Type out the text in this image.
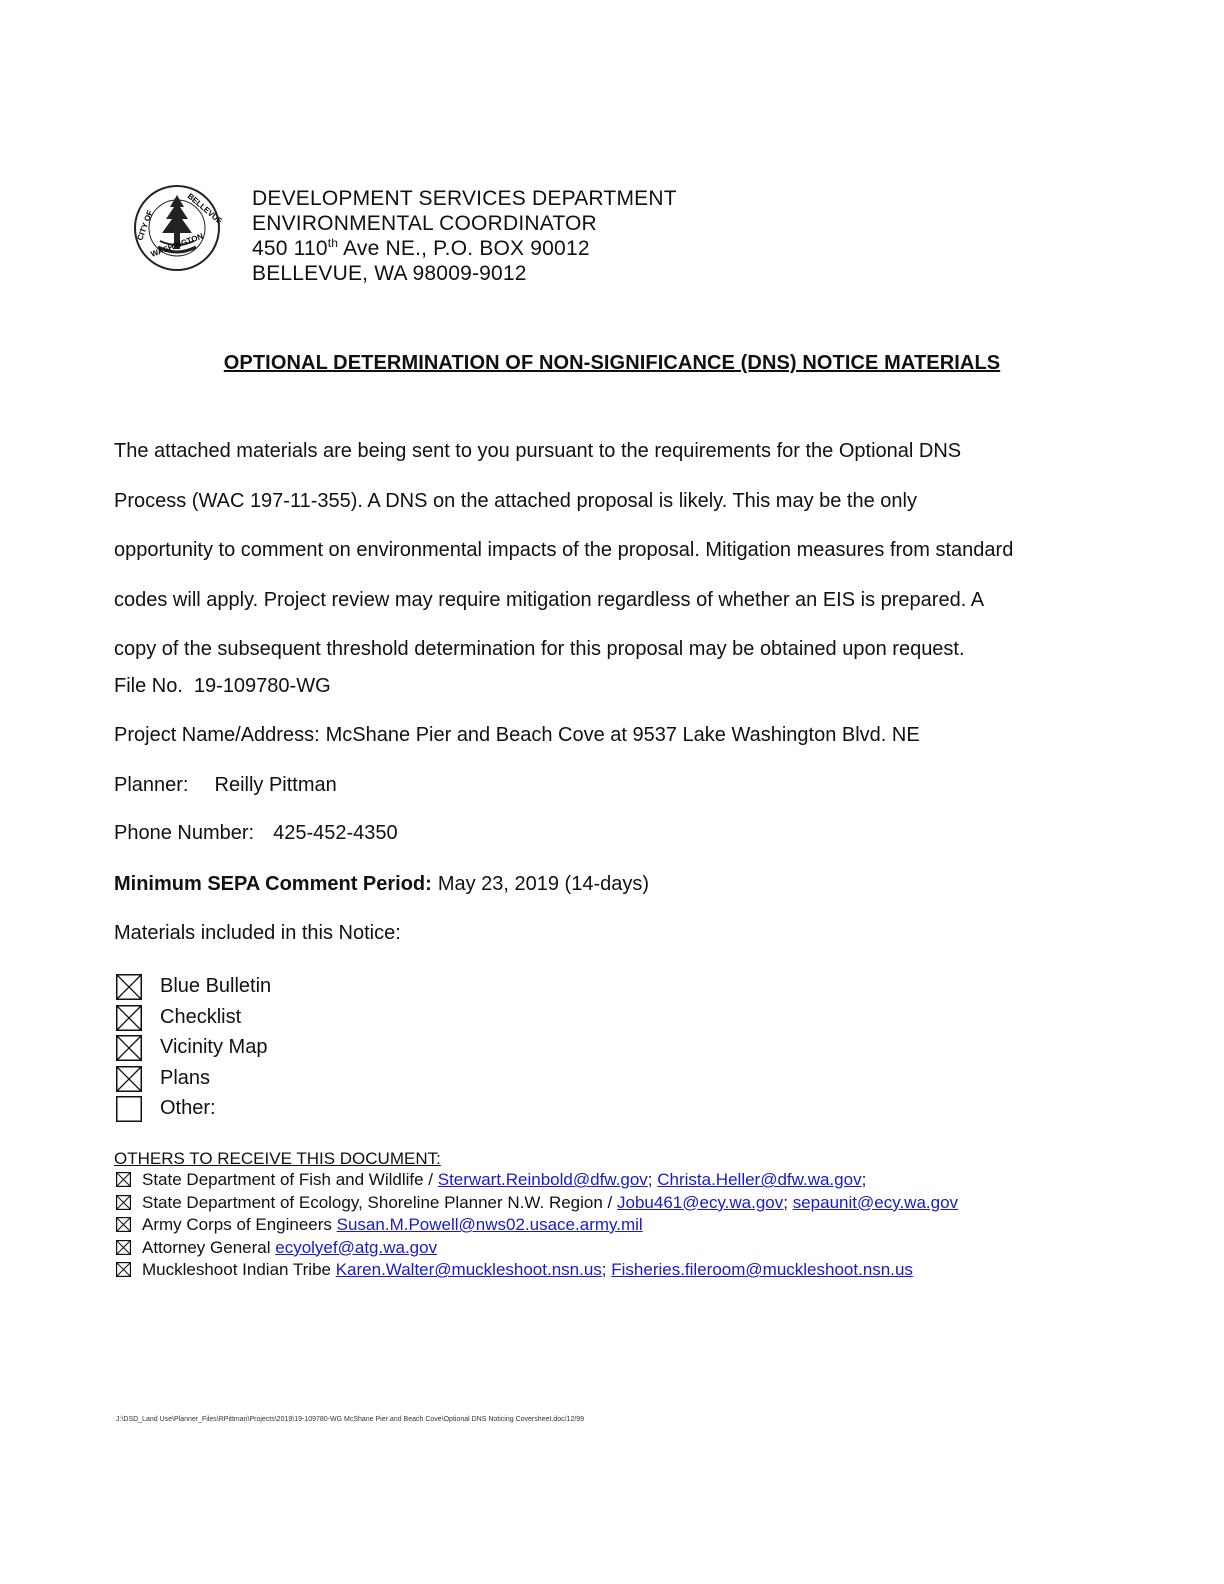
CITY OF	BELLEVUE
WASHINGTON
DEVELOPMENT SERVICES DEPARTMENT
ENVIRONMENTAL COORDINATOR
450 110th Ave NE., P.O. BOX 90012
BELLEVUE, WA 98009-9012
OPTIONAL DETERMINATION OF NON-SIGNIFICANCE (DNS) NOTICE MATERIALS
The attached materials are being sent to you pursuant to the requirements for the Optional DNS
Process (WAC 197-11-355). A DNS on the attached proposal is likely. This may be the only
opportunity to comment on environmental impacts of the proposal. Mitigation measures from standard
codes will apply. Project review may require mitigation regardless of whether an EIS is prepared. A
copy of the subsequent threshold determination for this proposal may be obtained upon request.
File No. 19-109780-WG
Project Name/Address: McShane Pier and Beach Cove at 9537 Lake Washington Blvd. NE
Planner: Reilly Pittman
Phone Number: 425-452-4350
Minimum SEPA Comment Period: May 23, 2019 (14-days)
Materials included in this Notice:
Blue Bulletin
Checklist
Vicinity Map
Plans
Other:
OTHERS TO RECEIVE THIS DOCUMENT:
State Department of Fish and Wildlife / Sterwart.Reinbold@dfw.gov; Christa.Heller@dfw.wa.gov;
State Department of Ecology, Shoreline Planner N.W. Region / Jobu461@ecy.wa.gov; sepaunit@ecy.wa.gov
Army Corps of Engineers Susan.M.Powell@nws02.usace.army.mil
Attorney General ecyolyef@atg.wa.gov
Muckleshoot Indian Tribe Karen.Walter@muckleshoot.nsn.us; Fisheries.fileroom@muckleshoot.nsn.us
J:\DSD_Land Use\Planner_Files\RPittman\Projects\2019\19-109780-WG McShane Pier and Beach Cove\Optional DNS Noticing Coversheet.doc/12/99
